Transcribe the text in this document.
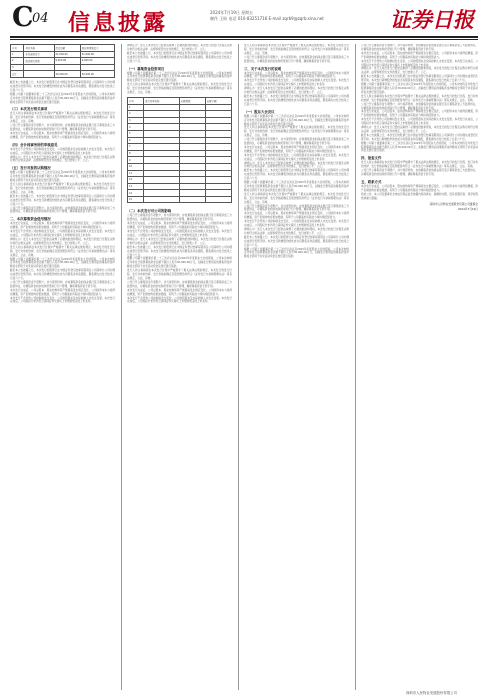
C
04 信息披露	2024年7月19日 星期五
制作 王盼 电话 010-83251716 E-mail zqrb9@zqrb.sina.net	证券日报
序号	项目名称	投资总额	拟使用募集资金
1	补充流动资金	21,000.00	21,000.00
2	偿还银行借款	9,000.00	9,000.00
3			
合计		30,000.00	30,000.00
截至本公告披露之日，本次发行的股票已在中国证券登记结算有限责任公司深圳分公司办理完成登记托管手续。本次发行新增股份的性质为有限售条件流通股，限售期为自发行结束之日起六个月。
根据公司第十届董事会第二十三次会议决议及2023年年度股东大会的授权，公司本次向特定对象发行股票募集资金总额不超过人民币30,000.00万元，扣除发行费用后的募集资金净额将全部用于补充流动资金及偿还银行借款。
（三）本次发行相关事项
发行人和主承销商在本次发行过程中严格遵守了相关法律法规的规定，本次发行的发行过程、发行对象的选择、发行价格的确定及股份配售均符合《证券发行与承销管理办法》等有关规定，合法、有效。
公司已开立募集资金专项账户，并与保荐机构、存放募集资金的商业银行签订募集资金三方监管协议，对募集资金的存放和使用进行专户管理，确保募集资金专款专用。
本次发行完成后，公司总股本、股东结构和资产规模将发生相应变化，公司的资本实力将得到增强，资产负债结构将更加稳健，有利于公司提高抗风险能力和持续经营能力。
（四）会计师事务所的审核意见
本次发行不会导致公司控制权发生变化，公司控股股东及实际控制人未发生变更。本次发行完成后，公司股权分布仍符合深圳证券交易所上市规则规定的上市条件。
律师认为：发行人本次发行已经依法取得了必要的批准和授权，本次发行的发行过程及认购对象符合相关法律、法规和规范性文件的规定，发行结果公平、公正。
（五）发行对象的认购情况
根据公司第十届董事会第二十三次会议决议及2023年年度股东大会的授权，公司本次向特定对象发行股票募集资金总额不超过人民币30,000.00万元，扣除发行费用后的募集资金净额将全部用于补充流动资金及偿还银行借款。
发行人和主承销商在本次发行过程中严格遵守了相关法律法规的规定，本次发行的发行过程、发行对象的选择、发行价格的确定及股份配售均符合《证券发行与承销管理办法》等有关规定，合法、有效。
截至本公告披露之日，本次发行的股票已在中国证券登记结算有限责任公司深圳分公司办理完成登记托管手续。本次发行新增股份的性质为有限售条件流通股，限售期为自发行结束之日起六个月。
公司已开立募集资金专项账户，并与保荐机构、存放募集资金的商业银行签订募集资金三方监管协议，对募集资金的存放和使用进行专户管理，确保募集资金专款专用。
二、本次募集资金使用情况
本次发行完成后，公司总股本、股东结构和资产规模将发生相应变化，公司的资本实力将得到增强，资产负债结构将更加稳健，有利于公司提高抗风险能力和持续经营能力。
本次发行不会导致公司控制权发生变化，公司控股股东及实际控制人未发生变更。本次发行完成后，公司股权分布仍符合深圳证券交易所上市规则规定的上市条件。
律师认为：发行人本次发行已经依法取得了必要的批准和授权，本次发行的发行过程及认购对象符合相关法律、法规和规范性文件的规定，发行结果公平、公正。
发行人和主承销商在本次发行过程中严格遵守了相关法律法规的规定，本次发行的发行过程、发行对象的选择、发行价格的确定及股份配售均符合《证券发行与承销管理办法》等有关规定，合法、有效。
根据公司第十届董事会第二十三次会议决议及2023年年度股东大会的授权，公司本次向特定对象发行股票募集资金总额不超过人民币30,000.00万元，扣除发行费用后的募集资金净额将全部用于补充流动资金及偿还银行借款。
截至本公告披露之日，本次发行的股票已在中国证券登记结算有限责任公司深圳分公司办理完成登记托管手续。本次发行新增股份的性质为有限售条件流通股，限售期为自发行结束之日起六个月。
公司已开立募集资金专项账户，并与保荐机构、存放募集资金的商业银行签订募集资金三方监管协议，对募集资金的存放和使用进行专户管理，确保募集资金专款专用。
本次发行完成后，公司总股本、股东结构和资产规模将发生相应变化，公司的资本实力将得到增强，资产负债结构将更加稳健，有利于公司提高抗风险能力和持续经营能力。
本次发行不会导致公司控制权发生变化，公司控股股东及实际控制人未发生变更。本次发行完成后，公司股权分布仍符合深圳证券交易所上市规则规定的上市条件。
律师认为：发行人本次发行已经依法取得了必要的批准和授权，本次发行的发行过程及认购对象符合相关法律、法规和规范性文件的规定，发行结果公平、公正。
截至本公告披露之日，本次发行的股票已在中国证券登记结算有限责任公司深圳分公司办理完成登记托管手续。本次发行新增股份的性质为有限售条件流通股，限售期为自发行结束之日起六个月。
（一）募集资金投资项目
根据公司第十届董事会第二十三次会议决议及2023年年度股东大会的授权，公司本次向特定对象发行股票募集资金总额不超过人民币30,000.00万元，扣除发行费用后的募集资金净额将全部用于补充流动资金及偿还银行借款。
发行人和主承销商在本次发行过程中严格遵守了相关法律法规的规定，本次发行的发行过程、发行对象的选择、发行价格的确定及股份配售均符合《证券发行与承销管理办法》等有关规定，合法、有效。
序号	发行对象名称	获配股数	获配金额
1			
2			
3			
4			
5			
6			
7			
8			
9			
10			
11			
12			
13			
14			
15			
（二）本次发行对公司的影响
公司已开立募集资金专项账户，并与保荐机构、存放募集资金的商业银行签订募集资金三方监管协议，对募集资金的存放和使用进行专户管理，确保募集资金专款专用。
本次发行完成后，公司总股本、股东结构和资产规模将发生相应变化，公司的资本实力将得到增强，资产负债结构将更加稳健，有利于公司提高抗风险能力和持续经营能力。
本次发行不会导致公司控制权发生变化，公司控股股东及实际控制人未发生变更。本次发行完成后，公司股权分布仍符合深圳证券交易所上市规则规定的上市条件。
律师认为：发行人本次发行已经依法取得了必要的批准和授权，本次发行的发行过程及认购对象符合相关法律、法规和规范性文件的规定，发行结果公平、公正。
截至本公告披露之日，本次发行的股票已在中国证券登记结算有限责任公司深圳分公司办理完成登记托管手续。本次发行新增股份的性质为有限售条件流通股，限售期为自发行结束之日起六个月。
根据公司第十届董事会第二十三次会议决议及2023年年度股东大会的授权，公司本次向特定对象发行股票募集资金总额不超过人民币30,000.00万元，扣除发行费用后的募集资金净额将全部用于补充流动资金及偿还银行借款。
发行人和主承销商在本次发行过程中严格遵守了相关法律法规的规定，本次发行的发行过程、发行对象的选择、发行价格的确定及股份配售均符合《证券发行与承销管理办法》等有关规定，合法、有效。
公司已开立募集资金专项账户，并与保荐机构、存放募集资金的商业银行签订募集资金三方监管协议，对募集资金的存放和使用进行专户管理，确保募集资金专款专用。
本次发行完成后，公司总股本、股东结构和资产规模将发生相应变化，公司的资本实力将得到增强，资产负债结构将更加稳健，有利于公司提高抗风险能力和持续经营能力。
本次发行不会导致公司控制权发生变化，公司控股股东及实际控制人未发生变更。本次发行完成后，公司股权分布仍符合深圳证券交易所上市规则规定的上市条件。
发行人和主承销商在本次发行过程中严格遵守了相关法律法规的规定，本次发行的发行过程、发行对象的选择、发行价格的确定及股份配售均符合《证券发行与承销管理办法》等有关规定，合法、有效。
公司已开立募集资金专项账户，并与保荐机构、存放募集资金的商业银行签订募集资金三方监管协议，对募集资金的存放和使用进行专户管理，确保募集资金专款专用。
三、关于本次发行的说明
本次发行完成后，公司总股本、股东结构和资产规模将发生相应变化，公司的资本实力将得到增强，资产负债结构将更加稳健，有利于公司提高抗风险能力和持续经营能力。
本次发行不会导致公司控制权发生变化，公司控股股东及实际控制人未发生变更。本次发行完成后，公司股权分布仍符合深圳证券交易所上市规则规定的上市条件。
律师认为：发行人本次发行已经依法取得了必要的批准和授权，本次发行的发行过程及认购对象符合相关法律、法规和规范性文件的规定，发行结果公平、公正。
截至本公告披露之日，本次发行的股票已在中国证券登记结算有限责任公司深圳分公司办理完成登记托管手续。本次发行新增股份的性质为有限售条件流通股，限售期为自发行结束之日起六个月。
（一）股东大会决议
根据公司第十届董事会第二十三次会议决议及2023年年度股东大会的授权，公司本次向特定对象发行股票募集资金总额不超过人民币30,000.00万元，扣除发行费用后的募集资金净额将全部用于补充流动资金及偿还银行借款。
发行人和主承销商在本次发行过程中严格遵守了相关法律法规的规定，本次发行的发行过程、发行对象的选择、发行价格的确定及股份配售均符合《证券发行与承销管理办法》等有关规定，合法、有效。
公司已开立募集资金专项账户，并与保荐机构、存放募集资金的商业银行签订募集资金三方监管协议，对募集资金的存放和使用进行专户管理，确保募集资金专款专用。
本次发行完成后，公司总股本、股东结构和资产规模将发生相应变化，公司的资本实力将得到增强，资产负债结构将更加稳健，有利于公司提高抗风险能力和持续经营能力。
本次发行不会导致公司控制权发生变化，公司控股股东及实际控制人未发生变更。本次发行完成后，公司股权分布仍符合深圳证券交易所上市规则规定的上市条件。
律师认为：发行人本次发行已经依法取得了必要的批准和授权，本次发行的发行过程及认购对象符合相关法律、法规和规范性文件的规定，发行结果公平、公正。
截至本公告披露之日，本次发行的股票已在中国证券登记结算有限责任公司深圳分公司办理完成登记托管手续。本次发行新增股份的性质为有限售条件流通股，限售期为自发行结束之日起六个月。
根据公司第十届董事会第二十三次会议决议及2023年年度股东大会的授权，公司本次向特定对象发行股票募集资金总额不超过人民币30,000.00万元，扣除发行费用后的募集资金净额将全部用于补充流动资金及偿还银行借款。
发行人和主承销商在本次发行过程中严格遵守了相关法律法规的规定，本次发行的发行过程、发行对象的选择、发行价格的确定及股份配售均符合《证券发行与承销管理办法》等有关规定，合法、有效。
公司已开立募集资金专项账户，并与保荐机构、存放募集资金的商业银行签订募集资金三方监管协议，对募集资金的存放和使用进行专户管理，确保募集资金专款专用。
本次发行完成后，公司总股本、股东结构和资产规模将发生相应变化，公司的资本实力将得到增强，资产负债结构将更加稳健，有利于公司提高抗风险能力和持续经营能力。
本次发行不会导致公司控制权发生变化，公司控股股东及实际控制人未发生变更。本次发行完成后，公司股权分布仍符合深圳证券交易所上市规则规定的上市条件。
律师认为：发行人本次发行已经依法取得了必要的批准和授权，本次发行的发行过程及认购对象符合相关法律、法规和规范性文件的规定，发行结果公平、公正。
截至本公告披露之日，本次发行的股票已在中国证券登记结算有限责任公司深圳分公司办理完成登记托管手续。本次发行新增股份的性质为有限售条件流通股，限售期为自发行结束之日起六个月。
根据公司第十届董事会第二十三次会议决议及2023年年度股东大会的授权，公司本次向特定对象发行股票募集资金总额不超过人民币30,000.00万元，扣除发行费用后的募集资金净额将全部用于补充流动资金及偿还银行借款。
公司已开立募集资金专项账户，并与保荐机构、存放募集资金的商业银行签订募集资金三方监管协议，对募集资金的存放和使用进行专户管理，确保募集资金专款专用。
本次发行完成后，公司总股本、股东结构和资产规模将发生相应变化，公司的资本实力将得到增强，资产负债结构将更加稳健，有利于公司提高抗风险能力和持续经营能力。
本次发行不会导致公司控制权发生变化，公司控股股东及实际控制人未发生变更。本次发行完成后，公司股权分布仍符合深圳证券交易所上市规则规定的上市条件。
律师认为：发行人本次发行已经依法取得了必要的批准和授权，本次发行的发行过程及认购对象符合相关法律、法规和规范性文件的规定，发行结果公平、公正。
截至本公告披露之日，本次发行的股票已在中国证券登记结算有限责任公司深圳分公司办理完成登记托管手续。本次发行新增股份的性质为有限售条件流通股，限售期为自发行结束之日起六个月。
根据公司第十届董事会第二十三次会议决议及2023年年度股东大会的授权，公司本次向特定对象发行股票募集资金总额不超过人民币30,000.00万元，扣除发行费用后的募集资金净额将全部用于补充流动资金及偿还银行借款。
发行人和主承销商在本次发行过程中严格遵守了相关法律法规的规定，本次发行的发行过程、发行对象的选择、发行价格的确定及股份配售均符合《证券发行与承销管理办法》等有关规定，合法、有效。
公司已开立募集资金专项账户，并与保荐机构、存放募集资金的商业银行签订募集资金三方监管协议，对募集资金的存放和使用进行专户管理，确保募集资金专款专用。
本次发行完成后，公司总股本、股东结构和资产规模将发生相应变化，公司的资本实力将得到增强，资产负债结构将更加稳健，有利于公司提高抗风险能力和持续经营能力。
本次发行不会导致公司控制权发生变化，公司控股股东及实际控制人未发生变更。本次发行完成后，公司股权分布仍符合深圳证券交易所上市规则规定的上市条件。
律师认为：发行人本次发行已经依法取得了必要的批准和授权，本次发行的发行过程及认购对象符合相关法律、法规和规范性文件的规定，发行结果公平、公正。
截至本公告披露之日，本次发行的股票已在中国证券登记结算有限责任公司深圳分公司办理完成登记托管手续。本次发行新增股份的性质为有限售条件流通股，限售期为自发行结束之日起六个月。
根据公司第十届董事会第二十三次会议决议及2023年年度股东大会的授权，公司本次向特定对象发行股票募集资金总额不超过人民币30,000.00万元，扣除发行费用后的募集资金净额将全部用于补充流动资金及偿还银行借款。
四、备查文件
发行人和主承销商在本次发行过程中严格遵守了相关法律法规的规定，本次发行的发行过程、发行对象的选择、发行价格的确定及股份配售均符合《证券发行与承销管理办法》等有关规定，合法、有效。
公司已开立募集资金专项账户，并与保荐机构、存放募集资金的商业银行签订募集资金三方监管协议，对募集资金的存放和使用进行专户管理，确保募集资金专款专用。
五、联系方式
本次发行完成后，公司总股本、股东结构和资产规模将发生相应变化，公司的资本实力将得到增强，资产负债结构将更加稳健，有利于公司提高抗风险能力和持续经营能力。
特此公告。本公司及董事会全体成员保证信息披露内容的真实、准确和完整，没有虚假记载、误导性陈述或重大遗漏。
深圳市人民物业发展股份有限公司董事会
2024年7月19日
深圳市人民物业发展股份有限公司
